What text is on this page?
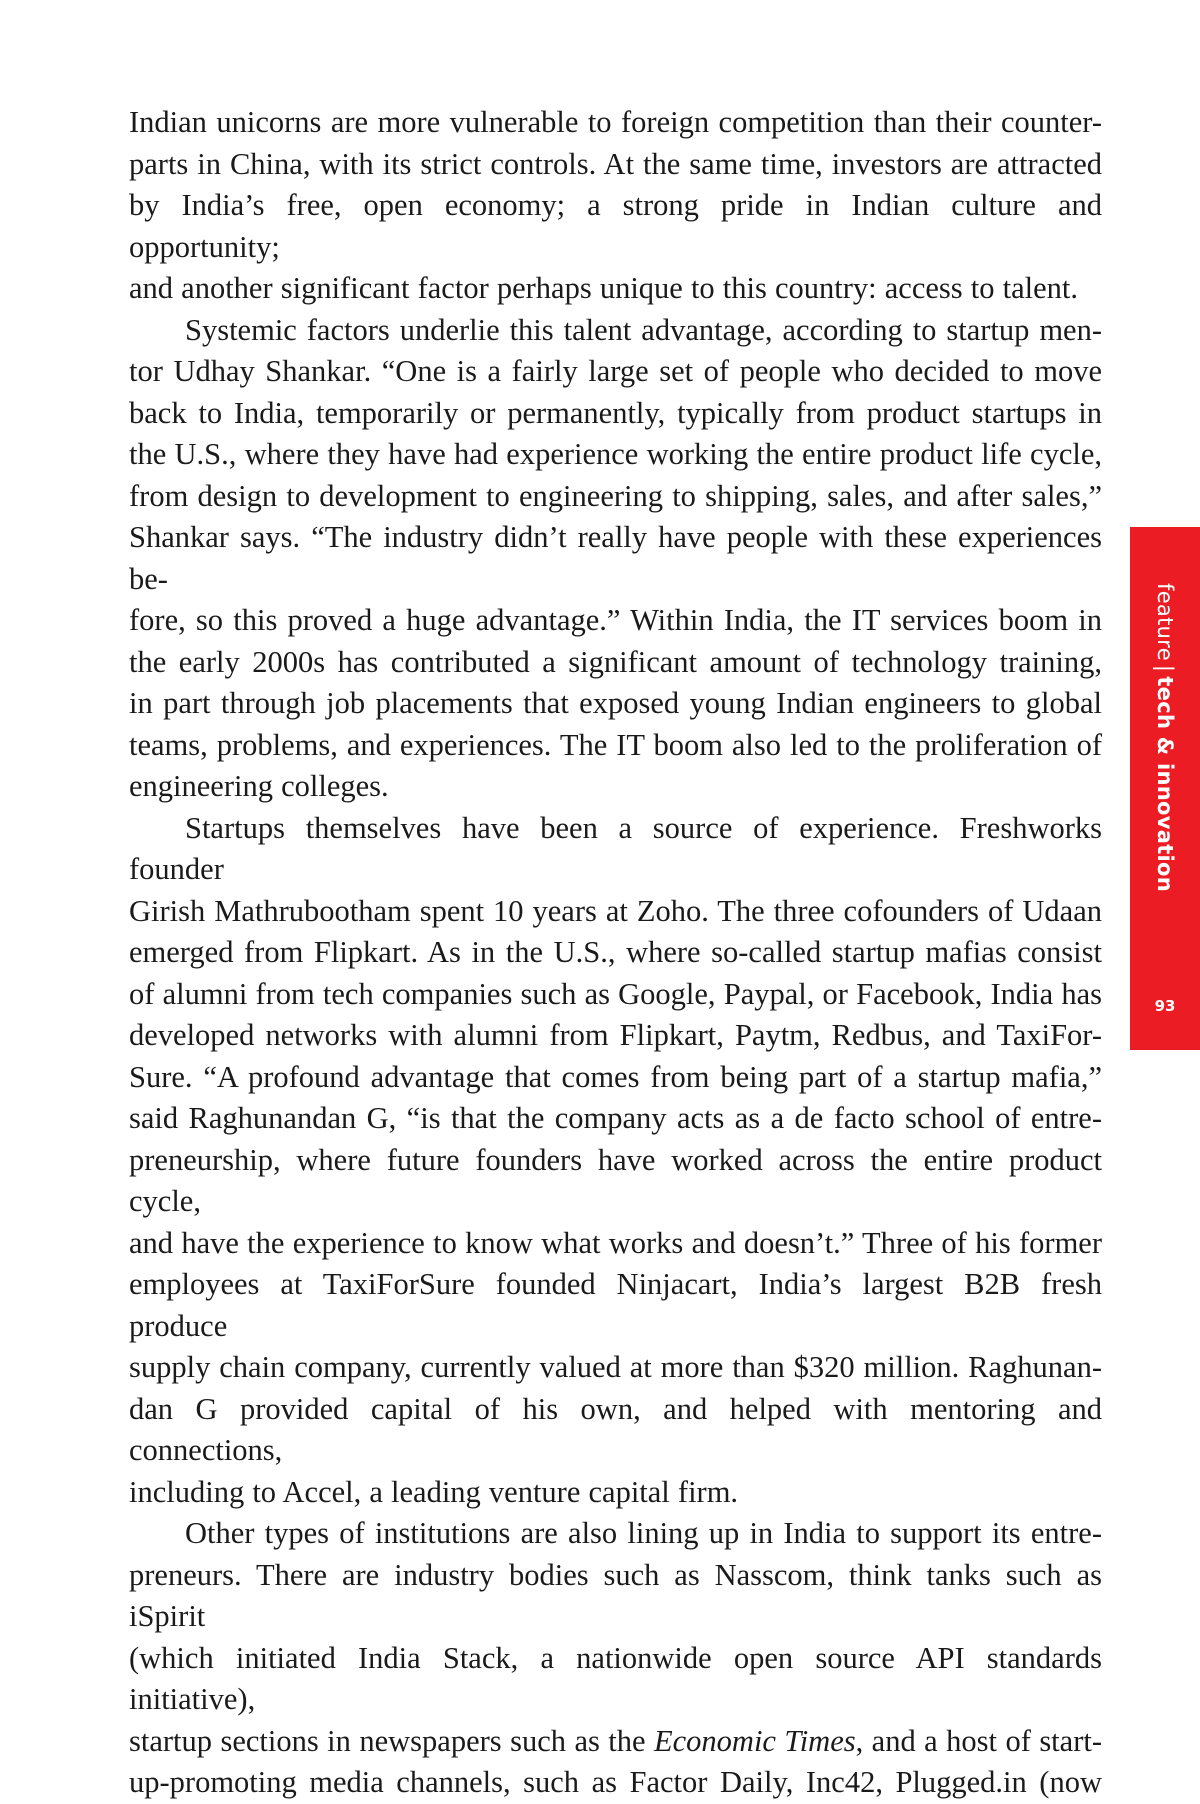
Indian unicorns are more vulnerable to foreign competition than their counter-
parts in China, with its strict controls. At the same time, investors are attracted
by India’s free, open economy; a strong pride in Indian culture and opportunity;
and another significant factor perhaps unique to this country: access to talent.

Systemic factors underlie this talent advantage, according to startup men-
tor Udhay Shankar. “One is a fairly large set of people who decided to move
back to India, temporarily or permanently, typically from product startups in
the U.S., where they have had experience working the entire product life cycle,
from design to development to engineering to shipping, sales, and after sales,”
Shankar says. “The industry didn’t really have people with these experiences be-
fore, so this proved a huge advantage.” Within India, the IT services boom in
the early 2000s has contributed a significant amount of technology training,
in part through job placements that exposed young Indian engineers to global
teams, problems, and experiences. The IT boom also led to the proliferation of
engineering colleges.

Startups themselves have been a source of experience. Freshworks founder
Girish Mathrubootham spent 10 years at Zoho. The three cofounders of Udaan
emerged from Flipkart. As in the U.S., where so-called startup mafias consist
of alumni from tech companies such as Google, Paypal, or Facebook, India has
developed networks with alumni from Flipkart, Paytm, Redbus, and TaxiFor-
Sure. “A profound advantage that comes from being part of a startup mafia,”
said Raghunandan G, “is that the company acts as a de facto school of entre-
preneurship, where future founders have worked across the entire product cycle,
and have the experience to know what works and doesn’t.” Three of his former
employees at TaxiForSure founded Ninjacart, India’s largest B2B fresh produce
supply chain company, currently valued at more than $320 million. Raghunan-
dan G provided capital of his own, and helped with mentoring and connections,
including to Accel, a leading venture capital firm.

Other types of institutions are also lining up in India to support its entre-
preneurs. There are industry bodies such as Nasscom, think tanks such as iSpirit
(which initiated India Stack, a nationwide open source API standards initiative),
startup sections in newspapers such as the Economic Times, and a host of start-
up-promoting media channels, such as Factor Daily, Inc42, Plugged.in (now

feature|tech & innovation
93
